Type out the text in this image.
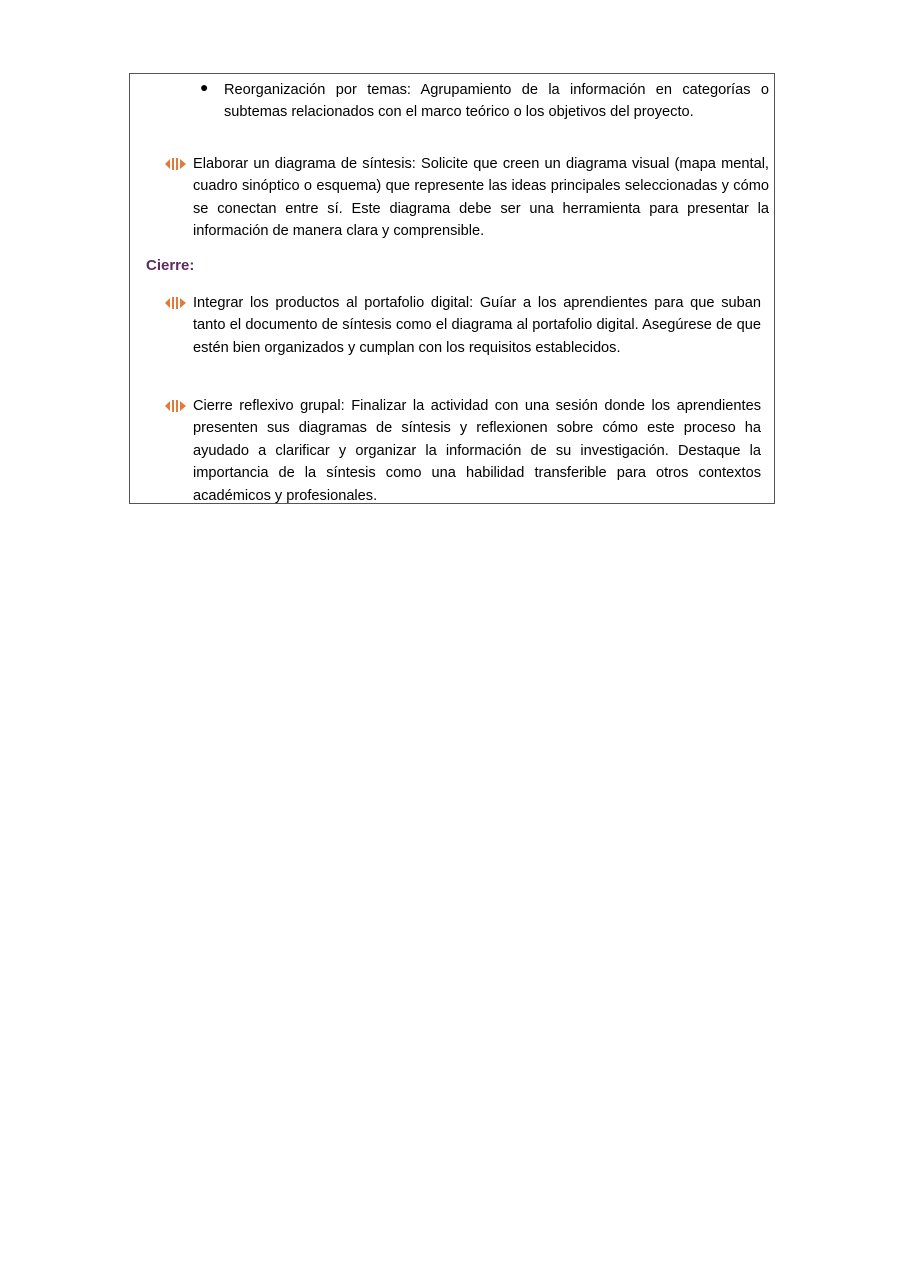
● Reorganización por temas: Agrupamiento de la información en categorías o subtemas relacionados con el marco teórico o los objetivos del proyecto.

Elaborar un diagrama de síntesis: Solicite que creen un diagrama visual (mapa mental, cuadro sinóptico o esquema) que represente las ideas principales seleccionadas y cómo se conectan entre sí. Este diagrama debe ser una herramienta para presentar la información de manera clara y comprensible.

Cierre:

Integrar los productos al portafolio digital: Guíar a los aprendientes para que suban tanto el documento de síntesis como el diagrama al portafolio digital. Asegúrese de que estén bien organizados y cumplan con los requisitos establecidos.

Cierre reflexivo grupal: Finalizar la actividad con una sesión donde los aprendientes presenten sus diagramas de síntesis y reflexionen sobre cómo este proceso ha ayudado a clarificar y organizar la información de su investigación. Destaque la importancia de la síntesis como una habilidad transferible para otros contextos académicos y profesionales.
